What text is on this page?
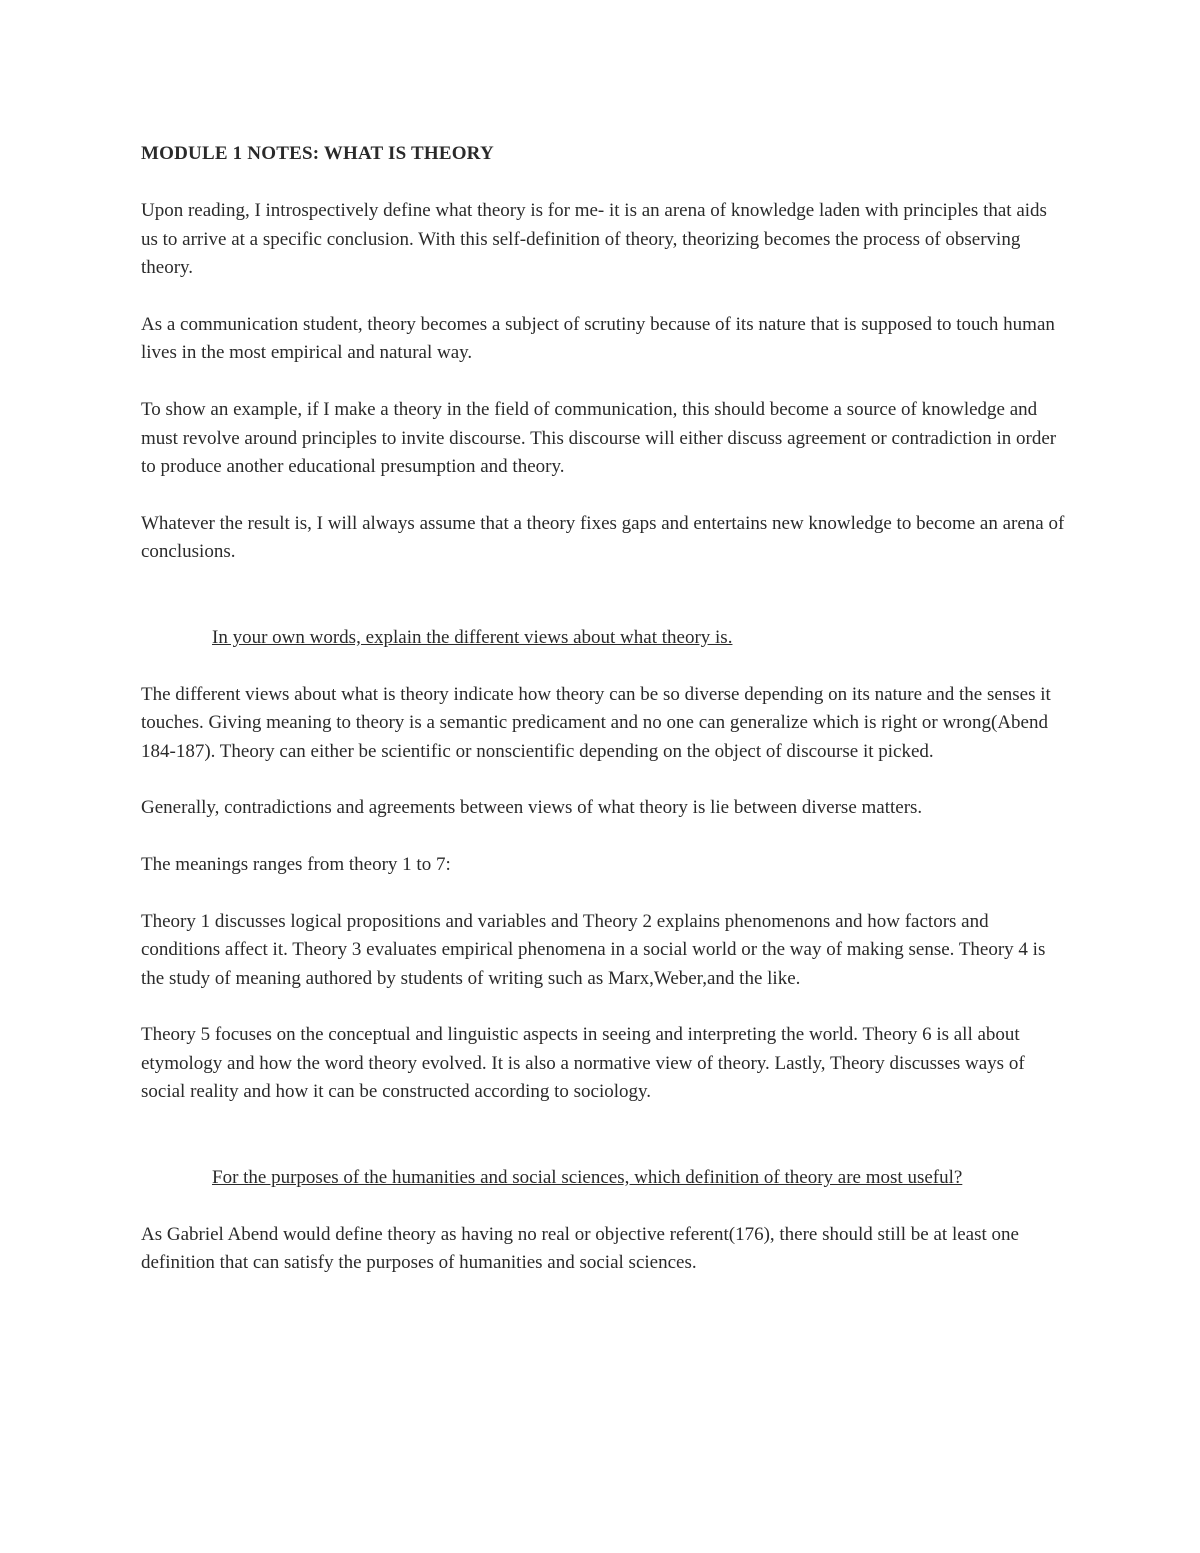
MODULE 1 NOTES: WHAT IS THEORY

Upon reading, I introspectively define what theory is for me- it is an arena of knowledge laden with principles that aids us to arrive at a specific conclusion. With this self-definition of theory, theorizing becomes the process of observing theory.

As a communication student, theory becomes a subject of scrutiny because of its nature that is supposed to touch human lives in the most empirical and natural way.

To show an example, if I make a theory in the field of communication, this should become a source of knowledge and must revolve around principles to invite discourse. This discourse will either discuss agreement or contradiction in order to produce another educational presumption and theory.

Whatever the result is, I will always assume that a theory fixes gaps and entertains new knowledge to become an arena of conclusions.

In your own words, explain the different views about what theory is.

The different views about what is theory indicate how theory can be so diverse depending on its nature and the senses it touches. Giving meaning to theory is a semantic predicament and no one can generalize which is right or wrong(Abend 184-187). Theory can either be scientific or nonscientific depending on the object of discourse it picked.

Generally, contradictions and agreements between views of what theory is lie between diverse matters.

The meanings ranges from theory 1 to 7:

Theory 1 discusses logical propositions and variables and Theory 2 explains phenomenons and how factors and conditions affect it. Theory 3 evaluates empirical phenomena in a social world or the way of making sense. Theory 4 is the study of meaning authored by students of writing such as Marx,Weber,and the like.

Theory 5 focuses on the conceptual and linguistic aspects in seeing and interpreting the world. Theory 6 is all about etymology and how the word theory evolved. It is also a normative view of theory. Lastly, Theory discusses ways of social reality and how it can be constructed according to sociology.

For the purposes of the humanities and social sciences, which definition of theory are most useful?

As Gabriel Abend would define theory as having no real or objective referent(176), there should still be at least one definition that can satisfy the purposes of humanities and social sciences.
